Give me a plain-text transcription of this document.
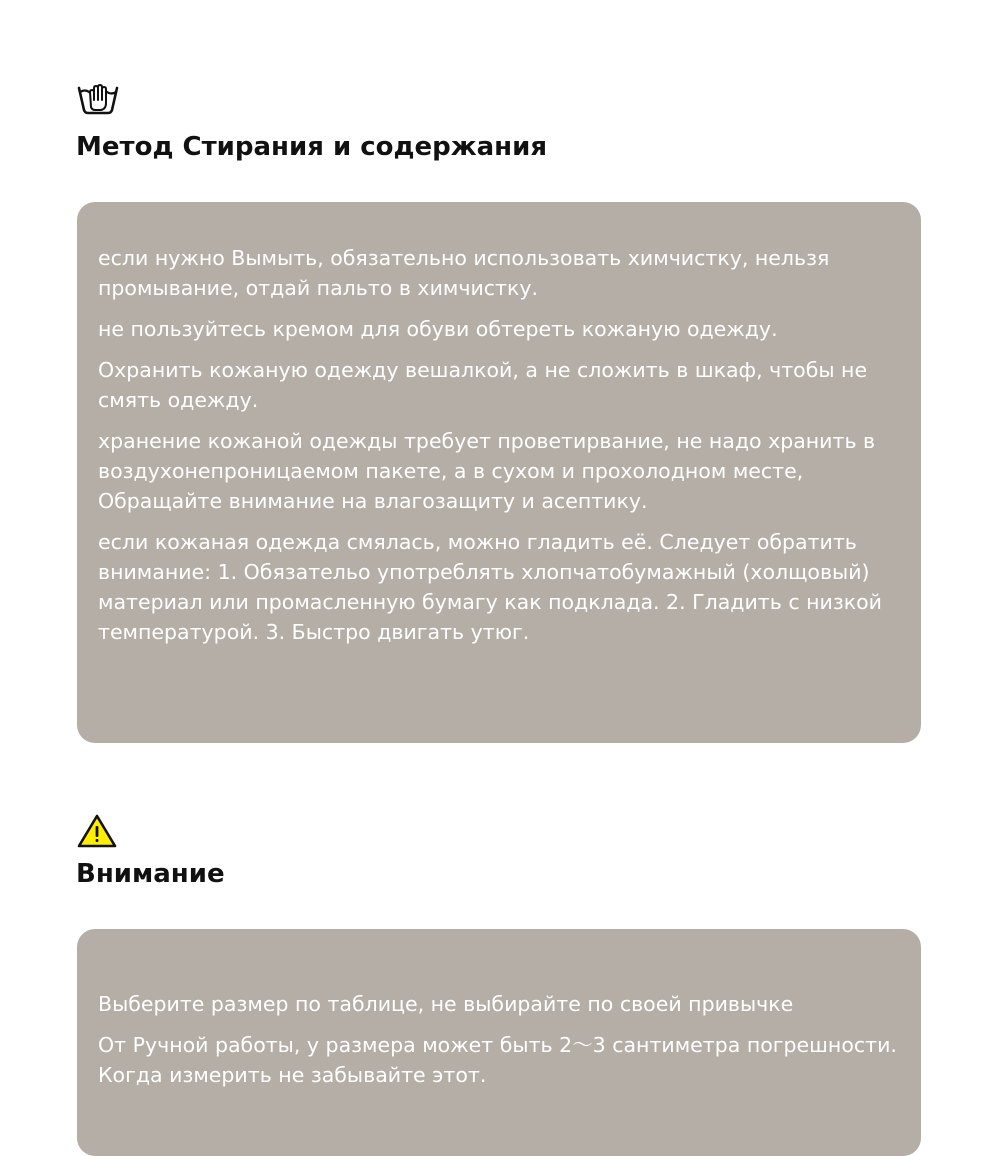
Метод Стирания и содержания

если нужно Вымыть, обязательно использовать химчистку, нельзя промывание, отдай пальто в химчистку.

не пользуйтесь кремом для обуви обтереть кожаную одежду.

Охранить кожаную одежду вешалкой, а не сложить в шкаф, чтобы не смять одежду.

хранение кожаной одежды требует проветирвание, не надо хранить в воздухонепроницаемом пакете, а в сухом и прохолодном месте, Обращайте внимание на влагозащиту и асептику.

если кожаная одежда смялась, можно гладить её. Следует обратить внимание: 1. Обязательо употреблять хлопчатобумажный (холщовый) материал или промасленную бумагу как подклада. 2. Гладить с низкой температурой. 3. Быстро двигать утюг.

Внимание

Выберите размер по таблице, не выбирайте по своей привычке

От Ручной работы, у размера может быть 2〜3 сантиметра погрешности. Когда измерить не забывайте этот.
